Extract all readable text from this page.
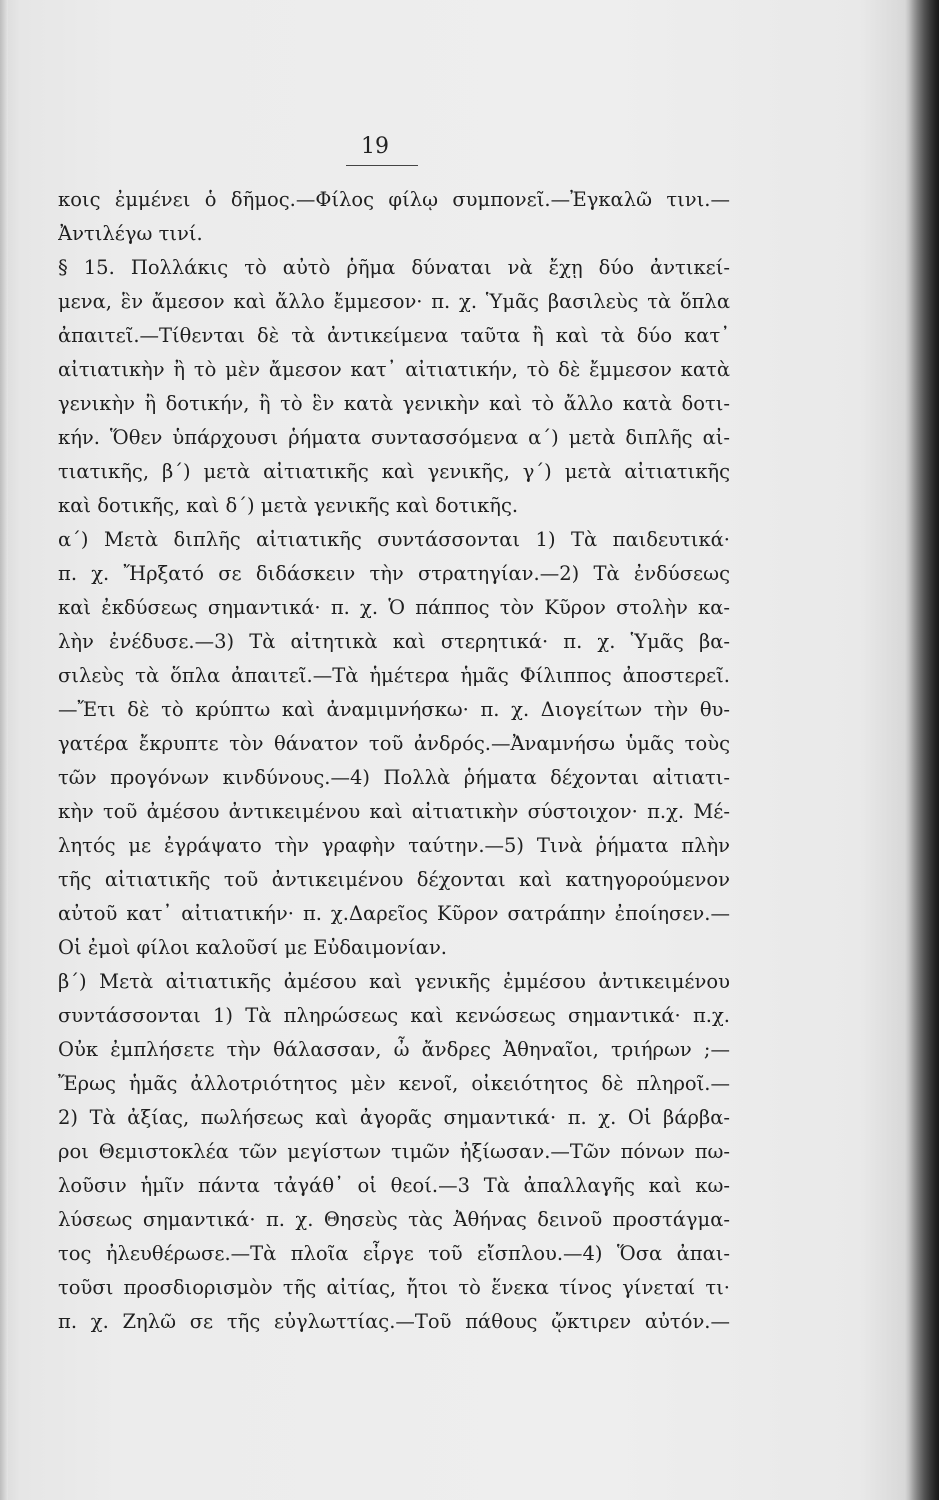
19
κοις ἐμμένει ὁ δῆμος.—Φίλος φίλῳ συμπονεῖ.—Ἐγκαλῶ τινι.—
Ἀντιλέγω τινί.
§ 15. Πολλάκις τὸ αὐτὸ ῥῆμα δύναται νὰ ἔχῃ δύο ἀντικεί-
μενα, ἓν ἄμεσον καὶ ἄλλο ἔμμεσον· π. χ. Ὑμᾶς βασιλεὺς τὰ ὅπλα
ἀπαιτεῖ.—Τίθενται δὲ τὰ ἀντικείμενα ταῦτα ἢ καὶ τὰ δύο κατ᾽
αἰτιατικὴν ἢ τὸ μὲν ἄμεσον κατ᾽ αἰτιατικήν, τὸ δὲ ἔμμεσον κατὰ
γενικὴν ἢ δοτικήν, ἢ τὸ ἓν κατὰ γενικὴν καὶ τὸ ἄλλο κατὰ δοτι-
κήν. Ὅθεν ὑπάρχουσι ῥήματα συντασσόμενα α΄) μετὰ διπλῆς αἰ-
τιατικῆς, β΄) μετὰ αἰτιατικῆς καὶ γενικῆς, γ΄) μετὰ αἰτιατικῆς
καὶ δοτικῆς, καὶ δ΄) μετὰ γενικῆς καὶ δοτικῆς.
α΄) Μετὰ διπλῆς αἰτιατικῆς συντάσσονται 1) Τὰ παιδευτικά·
π. χ. Ἤρξατό σε διδάσκειν τὴν στρατηγίαν.—2) Τὰ ἐνδύσεως
καὶ ἐκδύσεως σημαντικά· π. χ. Ὁ πάππος τὸν Κῦρον στολὴν κα-
λὴν ἐνέδυσε.—3) Τὰ αἰτητικὰ καὶ στερητικά· π. χ. Ὑμᾶς βα-
σιλεὺς τὰ ὅπλα ἀπαιτεῖ.—Τὰ ἡμέτερα ἡμᾶς Φίλιππος ἀποστερεῖ.
—Ἔτι δὲ τὸ κρύπτω καὶ ἀναμιμνήσκω· π. χ. Διογείτων τὴν θυ-
γατέρα ἔκρυπτε τὸν θάνατον τοῦ ἀνδρός.—Ἀναμνήσω ὑμᾶς τοὺς
τῶν προγόνων κινδύνους.—4) Πολλὰ ῥήματα δέχονται αἰτιατι-
κὴν τοῦ ἀμέσου ἀντικειμένου καὶ αἰτιατικὴν σύστοιχον· π.χ. Μέ-
λητός με ἐγράψατο τὴν γραφὴν ταύτην.—5) Τινὰ ῥήματα πλὴν
τῆς αἰτιατικῆς τοῦ ἀντικειμένου δέχονται καὶ κατηγορούμενον
αὐτοῦ κατ᾽ αἰτιατικήν· π. χ.Δαρεῖος Κῦρον σατράπην ἐποίησεν.—
Οἱ ἐμοὶ φίλοι καλοῦσί με Εὐδαιμονίαν.
β΄) Μετὰ αἰτιατικῆς ἀμέσου καὶ γενικῆς ἐμμέσου ἀντικειμένου
συντάσσονται 1) Τὰ πληρώσεως καὶ κενώσεως σημαντικά· π.χ.
Οὐκ ἐμπλήσετε τὴν θάλασσαν, ὦ ἄνδρες Ἀθηναῖοι, τριήρων ;—
Ἔρως ἡμᾶς ἀλλοτριότητος μὲν κενοῖ, οἰκειότητος δὲ πληροῖ.—
2) Τὰ ἀξίας, πωλήσεως καὶ ἀγορᾶς σημαντικά· π. χ. Οἱ βάρβα-
ροι Θεμιστοκλέα τῶν μεγίστων τιμῶν ἠξίωσαν.—Τῶν πόνων πω-
λοῦσιν ἡμῖν πάντα τἀγάθ᾽ οἱ θεοί.—3 Τὰ ἀπαλλαγῆς καὶ κω-
λύσεως σημαντικά· π. χ. Θησεὺς τὰς Ἀθήνας δεινοῦ προστάγμα-
τος ἠλευθέρωσε.—Τὰ πλοῖα εἶργε τοῦ εἴσπλου.—4) Ὅσα ἀπαι-
τοῦσι προσδιορισμὸν τῆς αἰτίας, ἤτοι τὸ ἕνεκα τίνος γίνεταί τι·
π. χ. Ζηλῶ σε τῆς εὐγλωττίας.—Τοῦ πάθους ᾤκτιρεν αὐτόν.—
